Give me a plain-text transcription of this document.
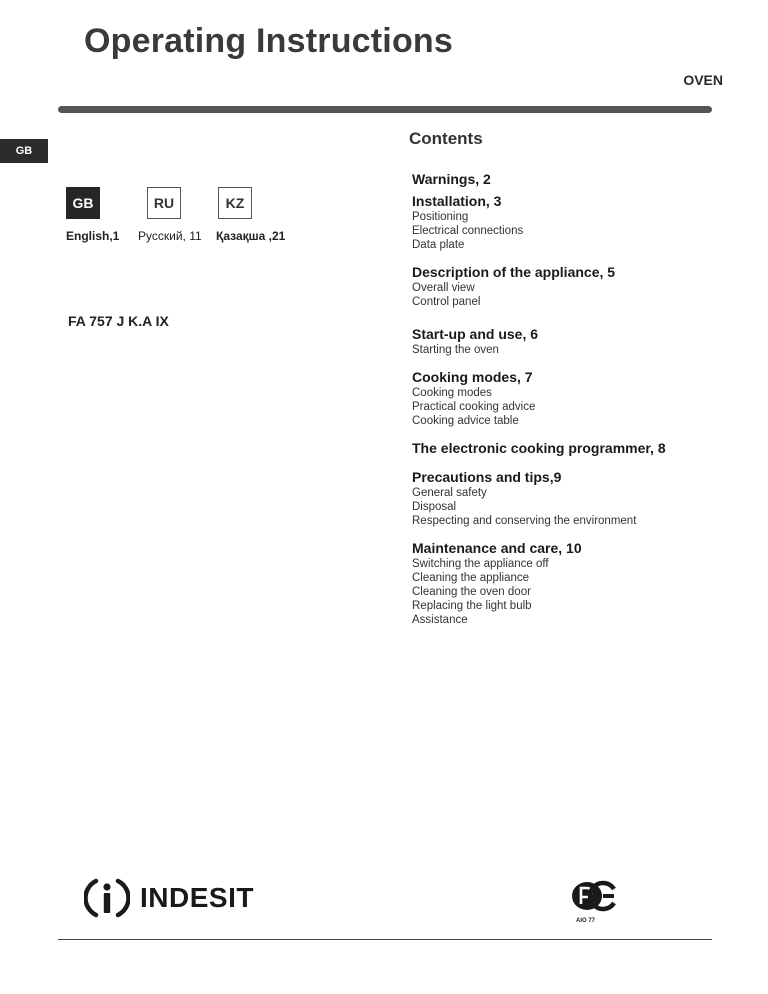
Operating Instructions
OVEN
GB
GB	RU	KZ
English,1 Русский, 11 Қазақша ,21
FA 757 J K.A IX
Contents
Warnings, 2
Installation, 3
Positioning
Electrical connections
Data plate
Description of the appliance, 5
Overall view
Control panel
Start-up and use, 6
Starting the oven
Cooking modes, 7
Cooking modes
Practical cooking advice
Cooking advice table
The electronic cooking programmer, 8
Precautions and tips,9
General safety
Disposal
Respecting and conserving the environment
Maintenance and care, 10
Switching the appliance off
Cleaning the appliance
Cleaning the oven door
Replacing the light bulb
Assistance
INDESIT
AIO 77
